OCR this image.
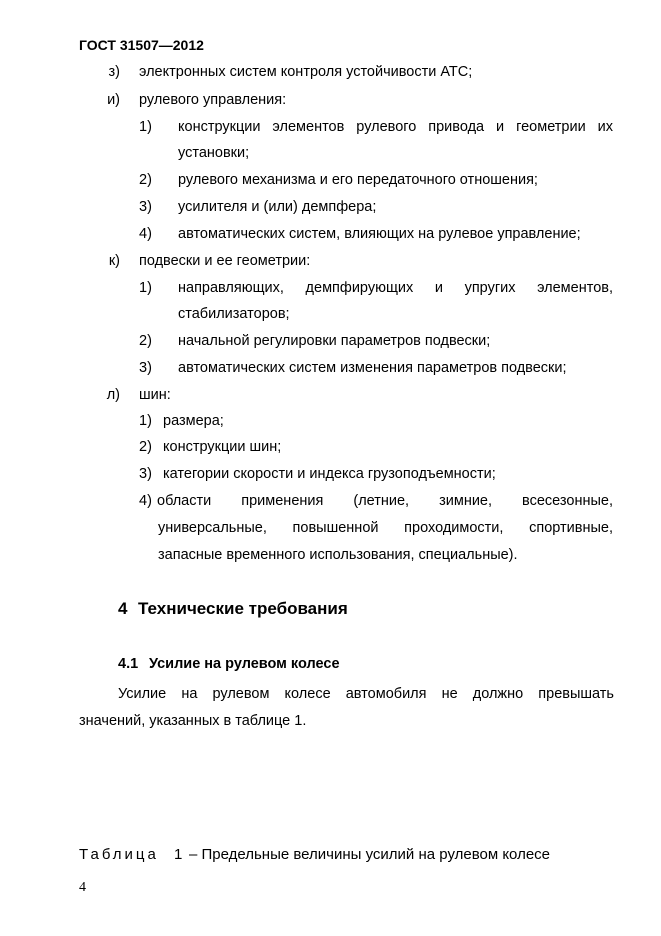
ГОСТ 31507—2012
з) электронных систем контроля устойчивости АТС;
и) рулевого управления:
1) конструкции элементов рулевого привода и геометрии их
установки;
2) рулевого механизма и его передаточного отношения;
3) усилителя и (или) демпфера;
4) автоматических систем, влияющих на рулевое управление;
к) подвески и ее геометрии:
1) направляющих, демпфирующих и упругих элементов,
стабилизаторов;
2) начальной регулировки параметров подвески;
3) автоматических систем изменения параметров подвески;
л) шин:
1) размера;
2) конструкции шин;
3) категории скорости и индекса грузоподъемности;
4) области применения (летние, зимние, всесезонные,
универсальные, повышенной проходимости, спортивные,
запасные временного использования, специальные).
4 Технические требования
4.1 Усилие на рулевом колесе
Усилие на рулевом колесе автомобиля не должно превышать
значений, указанных в таблице 1.
Таблица 1 – Предельные величины усилий на рулевом колесе
4
